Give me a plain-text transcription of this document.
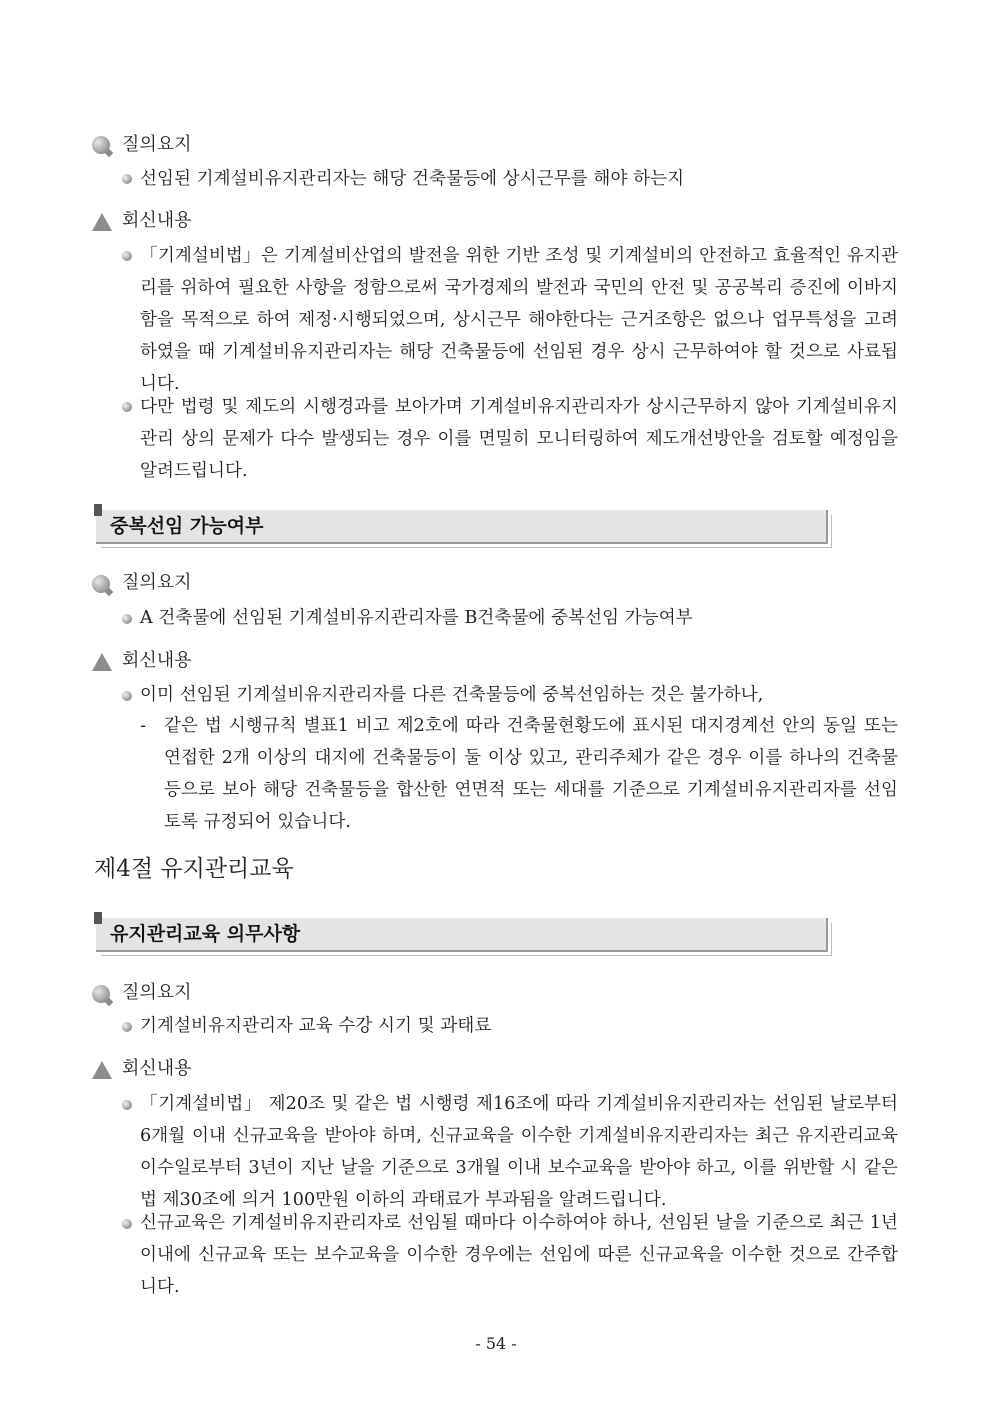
질의요지
선임된 기계설비유지관리자는 해당 건축물등에 상시근무를 해야 하는지
회신내용
「기계설비법」은 기계설비산업의 발전을 위한 기반 조성 및 기계설비의 안전하고 효율적인 유지관리를 위하여 필요한 사항을 정함으로써 국가경제의 발전과 국민의 안전 및 공공복리 증진에 이바지함을 목적으로 하여 제정·시행되었으며, 상시근무 해야한다는 근거조항은 없으나 업무특성을 고려하였을 때 기계설비유지관리자는 해당 건축물등에 선임된 경우 상시 근무하여야 할 것으로 사료됩니다.
다만 법령 및 제도의 시행경과를 보아가며 기계설비유지관리자가 상시근무하지 않아 기계설비유지관리 상의 문제가 다수 발생되는 경우 이를 면밀히 모니터링하여 제도개선방안을 검토할 예정임을 알려드립니다.
중복선임 가능여부
질의요지
A 건축물에 선임된 기계설비유지관리자를 B건축물에 중복선임 가능여부
회신내용
이미 선임된 기계설비유지관리자를 다른 건축물등에 중복선임하는 것은 불가하나,
- 같은 법 시행규칙 별표1 비고 제2호에 따라 건축물현황도에 표시된 대지경계선 안의 동일 또는 연접한 2개 이상의 대지에 건축물등이 둘 이상 있고, 관리주체가 같은 경우 이를 하나의 건축물등으로 보아 해당 건축물등을 합산한 연면적 또는 세대를 기준으로 기계설비유지관리자를 선임토록 규정되어 있습니다.
제4절 유지관리교육
유지관리교육 의무사항
질의요지
기계설비유지관리자 교육 수강 시기 및 과태료
회신내용
「기계설비법」 제20조 및 같은 법 시행령 제16조에 따라 기계설비유지관리자는 선임된 날로부터 6개월 이내 신규교육을 받아야 하며, 신규교육을 이수한 기계설비유지관리자는 최근 유지관리교육 이수일로부터 3년이 지난 날을 기준으로 3개월 이내 보수교육을 받아야 하고, 이를 위반할 시 같은 법 제30조에 의거 100만원 이하의 과태료가 부과됨을 알려드립니다.
신규교육은 기계설비유지관리자로 선임될 때마다 이수하여야 하나, 선임된 날을 기준으로 최근 1년 이내에 신규교육 또는 보수교육을 이수한 경우에는 선임에 따른 신규교육을 이수한 것으로 간주합니다.
- 54 -
